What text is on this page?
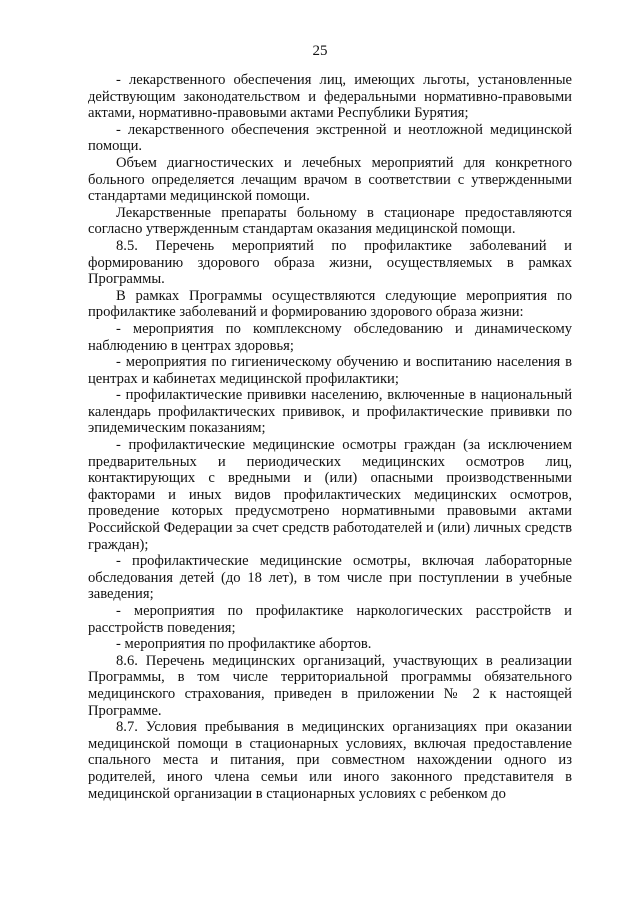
25

- лекарственного обеспечения лиц, имеющих льготы, установленные действующим законодательством и федеральными нормативно-правовыми актами, нормативно-правовыми актами Республики Бурятия;

- лекарственного обеспечения экстренной и неотложной медицинской помощи.

Объем диагностических и лечебных мероприятий для конкретного больного определяется лечащим врачом в соответствии с утвержденными стандартами медицинской помощи.

Лекарственные препараты больному в стационаре предоставляются согласно утвержденным стандартам оказания медицинской помощи.

8.5. Перечень мероприятий по профилактике заболеваний и формированию здорового образа жизни, осуществляемых в рамках Программы.

В рамках Программы осуществляются следующие мероприятия по профилактике заболеваний и формированию здорового образа жизни:

- мероприятия по комплексному обследованию и динамическому наблюдению в центрах здоровья;

- мероприятия по гигиеническому обучению и воспитанию населения в центрах и кабинетах медицинской профилактики;

- профилактические прививки населению, включенные в национальный календарь профилактических прививок, и профилактические прививки по эпидемическим показаниям;

- профилактические медицинские осмотры граждан (за исключением предварительных и периодических медицинских осмотров лиц, контактирующих с вредными и (или) опасными производственными факторами и иных видов профилактических медицинских осмотров, проведение которых предусмотрено нормативными правовыми актами Российской Федерации за счет средств работодателей и (или) личных средств граждан);

- профилактические медицинские осмотры, включая лабораторные обследования детей (до 18 лет), в том числе при поступлении в учебные заведения;

- мероприятия по профилактике наркологических расстройств и расстройств поведения;

- мероприятия по профилактике абортов.

8.6. Перечень медицинских организаций, участвующих в реализации Программы, в том числе территориальной программы обязательного медицинского страхования, приведен в приложении № 2 к настоящей Программе.

8.7. Условия пребывания в медицинских организациях при оказании медицинской помощи в стационарных условиях, включая предоставление спального места и питания, при совместном нахождении одного из родителей, иного члена семьи или иного законного представителя в медицинской организации в стационарных условиях с ребенком до
